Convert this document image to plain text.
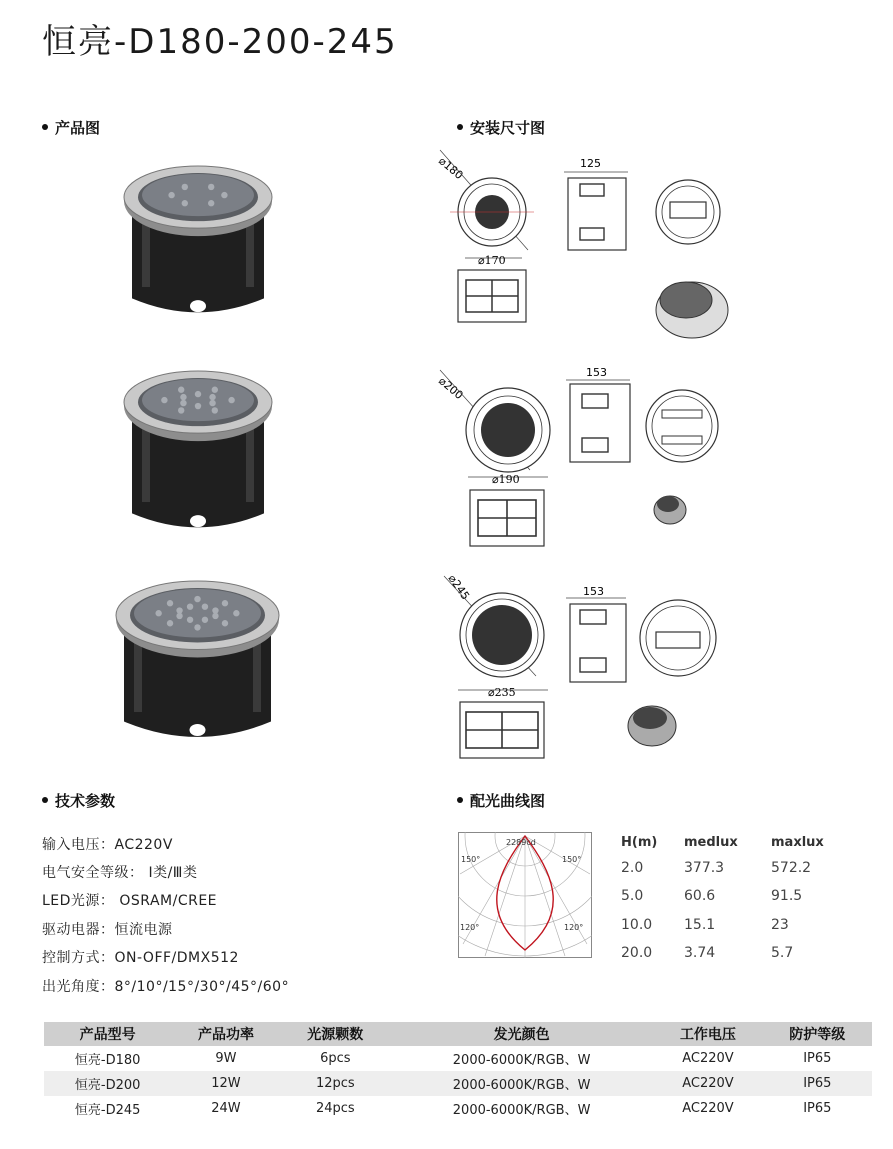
恒亮-D180-200-245
产品图	安装尺寸图
技术参数	配光曲线图
⌀180
⌀170
125
⌀200
⌀190
153
⌀245
⌀235
153
输入电压：AC220V
电气安全等级： Ⅰ类/Ⅲ类
LED光源： OSRAM/CREE
驱动电器：恒流电源
控制方式：ON-OFF/DMX512
出光角度：8°/10°/15°/30°/45°/60°
2289cd
150°	150°
120°	120°
H(m) medlux	maxlux
2.0	377.3	572.2
5.0	60.6	91.5
10.0 15.1	23
20.0 3.74	5.7
产品型号	产品功率	光源颗数	发光颜色	工作电压	防护等级
恒亮-D180	9W	6pcs	2000-6000K/RGB、W	AC220V	IP65
恒亮-D200	12W	12pcs	2000-6000K/RGB、W	AC220V	IP65
恒亮-D245	24W	24pcs	2000-6000K/RGB、W	AC220V	IP65
